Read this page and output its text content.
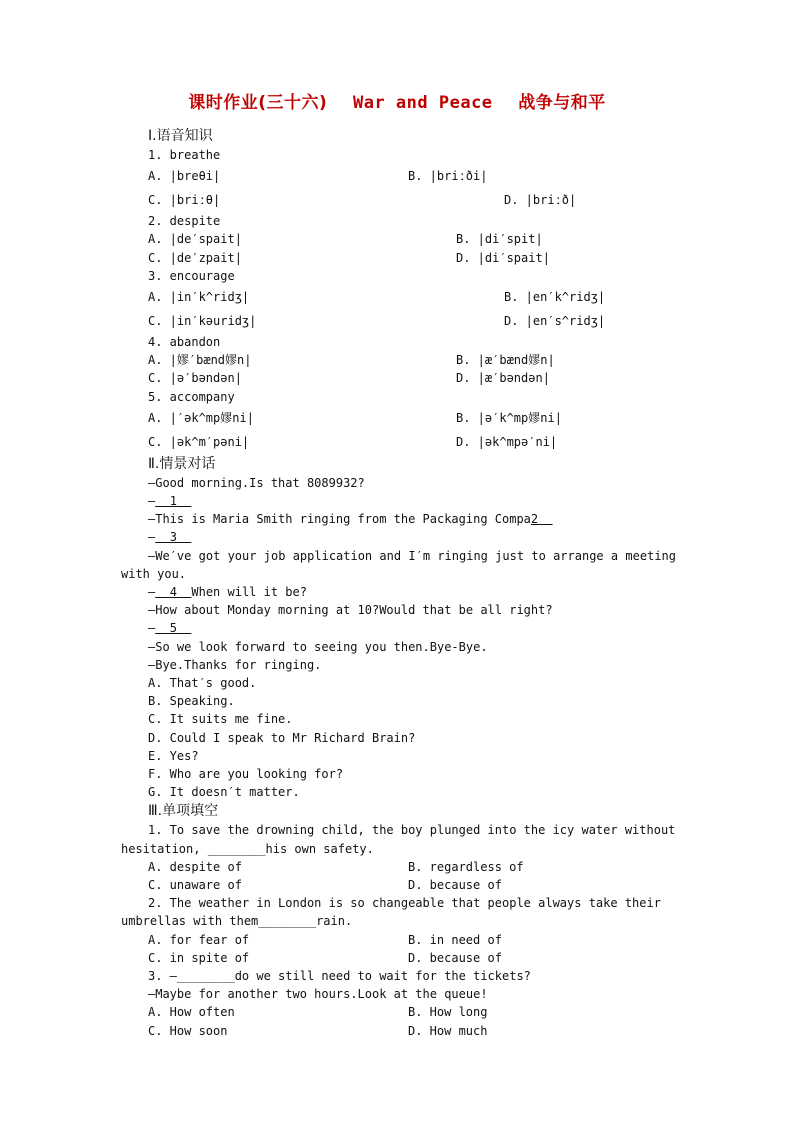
课时作业(三十六) War and Peace 战争与和平
Ⅰ.语音知识
1. breathe
A. |breθi|	B. |briːði|
C. |briːθ|	D. |briːð|
2. despite
A. |de′spait|	B. |di′spit|
C. |de′zpait|	D. |di′spait|
3. encourage
A. |in′k^ridʒ|	B. |en′k^ridʒ|
C. |in′kəuridʒ|	D. |en′s^ridʒ|
4. abandon
A. |嫪′bænd嫪n|	B. |æ′bænd嫪n|
C. |ə′bəndən|	D. |æ′bəndən|
5. accompany
A. |′ək^mp嫪ni|	B. |ə′k^mp嫪ni|
C. |ək^m′pəni|	D. |ək^mpə′ni|
Ⅱ.情景对话
—Good morning.Is that 8089932?
— 1
—This is Maria Smith ringing from the Packaging Compa2
— 3
—We′ve got your job application and I′m ringing just to arrange a meeting with you.
— 4 When will it be?
—How about Monday morning at 10?Would that be all right?
— 5
—So we look forward to seeing you then.Bye-Bye.
—Bye.Thanks for ringing.
A. That′s good.
B. Speaking.
C. It suits me fine.
D. Could I speak to Mr Richard Brain?
E. Yes?
F. Who are you looking for?
G. It doesn′t matter.
Ⅲ.单项填空
1. To save the drowning child, the boy plunged into the icy water without
hesitation, ________his own safety.
A. despite of	B. regardless of
C. unaware of	D. because of
2. The weather in London is so changeable that people always take their
umbrellas with them________rain.
A. for fear of	B. in need of
C. in spite of	D. because of
3. —________do we still need to wait for the tickets?
—Maybe for another two hours.Look at the queue!
A. How often	B. How long
C. How soon	D. How much
